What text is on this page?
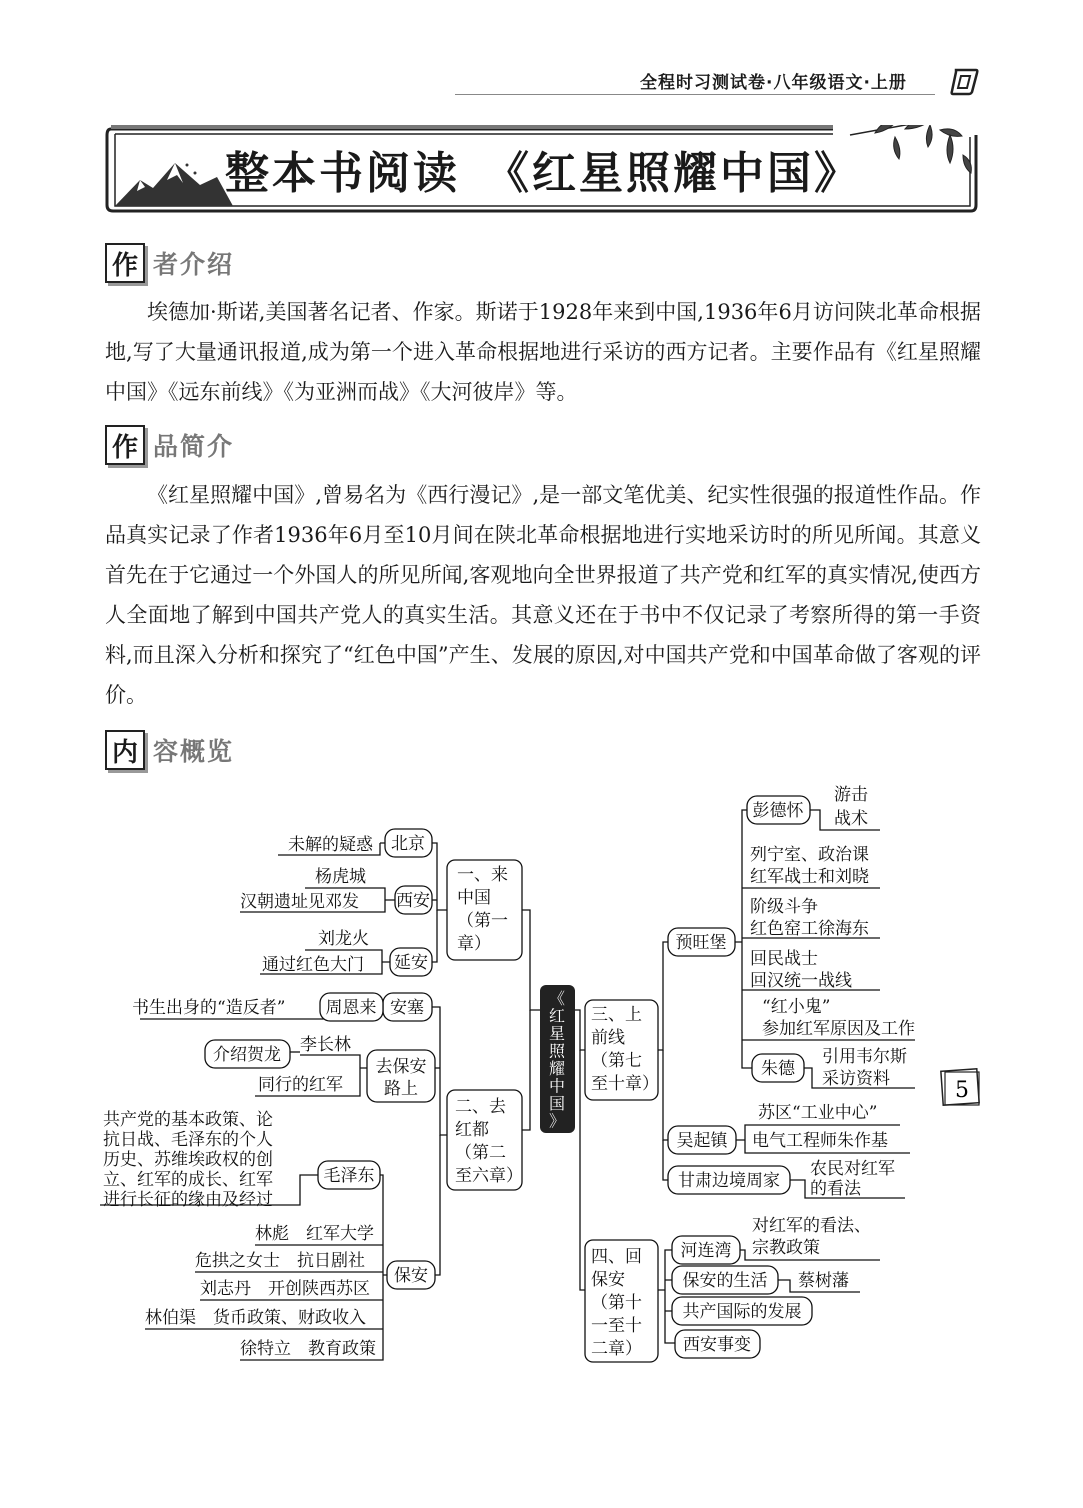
全程时习测试卷·八年级语文·上册
整本书阅读　《红星照耀中国》
作 者介绍
埃德加·斯诺,美国著名记者、作家。斯诺于1928年来到中国,1936年6月访问陕北革命根据地,写了大量通讯报道,成为第一个进入革命根据地进行采访的西方记者。主要作品有《红星照耀中国》《远东前线》《为亚洲而战》《大河彼岸》等。
作 品简介
《红星照耀中国》,曾易名为《西行漫记》,是一部文笔优美、纪实性很强的报道性作品。作品真实记录了作者1936年6月至10月间在陕北革命根据地进行实地采访时的所见所闻。其意义首先在于它通过一个外国人的所见所闻,客观地向全世界报道了共产党和红军的真实情况,使西方人全面地了解到中国共产党人的真实生活。其意义还在于书中不仅记录了考察所得的第一手资料,而且深入分析和探究了“红色中国”产生、发展的原因,对中国共产党和中国革命做了客观的评价。
内 容概览
《
红
星
照
耀
中
国
》
一、来
中国
（第一
章）
北京
未解的疑惑
西安
杨虎城
汉朝遗址见邓发
延安
刘龙火
通过红色大门
二、去
红都
（第二
至六章）
安塞
周恩来
书生出身的“造反者”
去保安
路上
李长林
介绍贺龙
同行的红军
毛泽东
共产党的基本政策、论
抗日战、毛泽东的个人
历史、苏维埃政权的创
立、红军的成长、红军
进行长征的缘由及经过
保安
林彪　红军大学
危拱之女士　抗日剧社
刘志丹　开创陕西苏区
林伯渠　货币政策、财政收入
徐特立　教育政策
三、上
前线
（第七
至十章）
预旺堡
彭德怀
游击
战术
列宁室、政治课
红军战士和刘晓
阶级斗争
红色窑工徐海东
回民战士
回汉统一战线
“红小鬼”
参加红军原因及工作
朱德
引用韦尔斯
采访资料
吴起镇
苏区“工业中心”
电气工程师朱作基
甘肃边境周家
农民对红军
的看法
四、回
保安
（第十
一至十
二章）
河连湾
对红军的看法、
宗教政策
保安的生活 蔡树藩
共产国际的发展
西安事变
5
